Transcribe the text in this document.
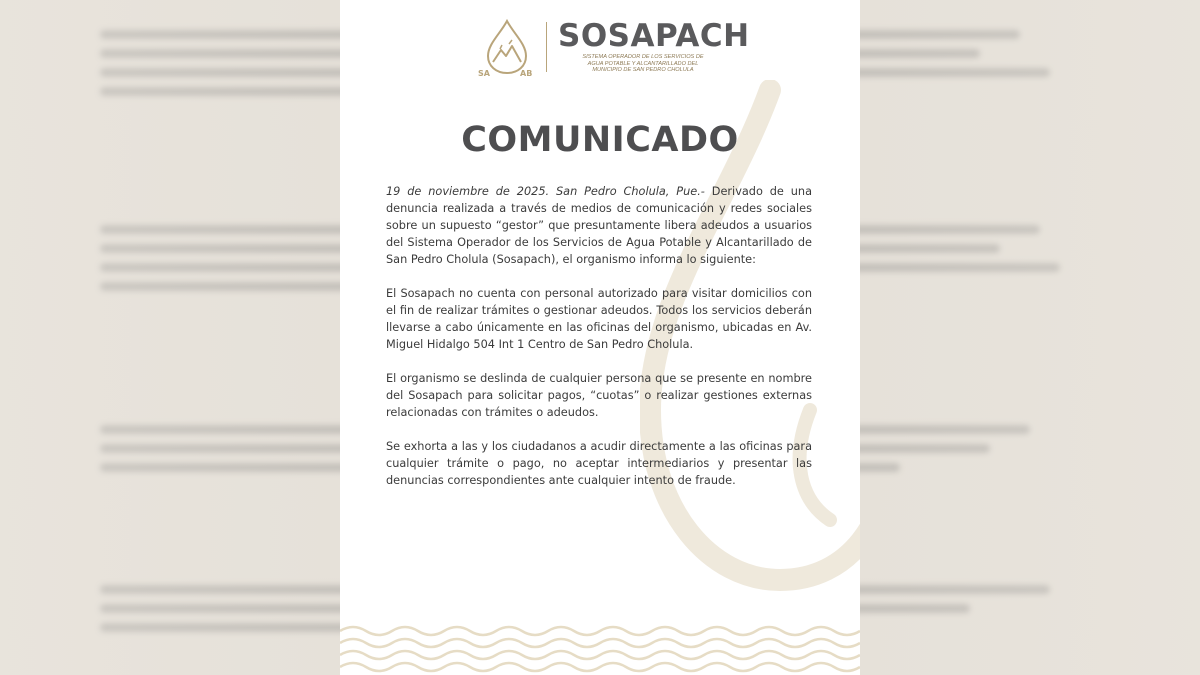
SA	AB
SOSAPACH
SISTEMA OPERADOR DE LOS SERVICIOS DE
AGUA POTABLE Y ALCANTARILLADO DEL
MUNICIPIO DE SAN PEDRO CHOLULA
COMUNICADO

19 de noviembre de 2025. San Pedro Cholula, Pue.- Derivado de una denuncia realizada a través de medios de comunicación y redes sociales sobre un supuesto “gestor” que presuntamente libera adeudos a usuarios del Sistema Operador de los Servicios de Agua Potable y Alcantarillado de San Pedro Cholula (Sosapach), el organismo informa lo siguiente:

El Sosapach no cuenta con personal autorizado para visitar domicilios con el fin de realizar trámites o gestionar adeudos. Todos los servicios deberán llevarse a cabo únicamente en las oficinas del organismo, ubicadas en Av. Miguel Hidalgo 504 Int 1 Centro de San Pedro Cholula.

El organismo se deslinda de cualquier persona que se presente en nombre del Sosapach para solicitar pagos, “cuotas” o realizar gestiones externas relacionadas con trámites o adeudos.

Se exhorta a las y los ciudadanos a acudir directamente a las oficinas para cualquier trámite o pago, no aceptar intermediarios y presentar las denuncias correspondientes ante cualquier intento de fraude.
